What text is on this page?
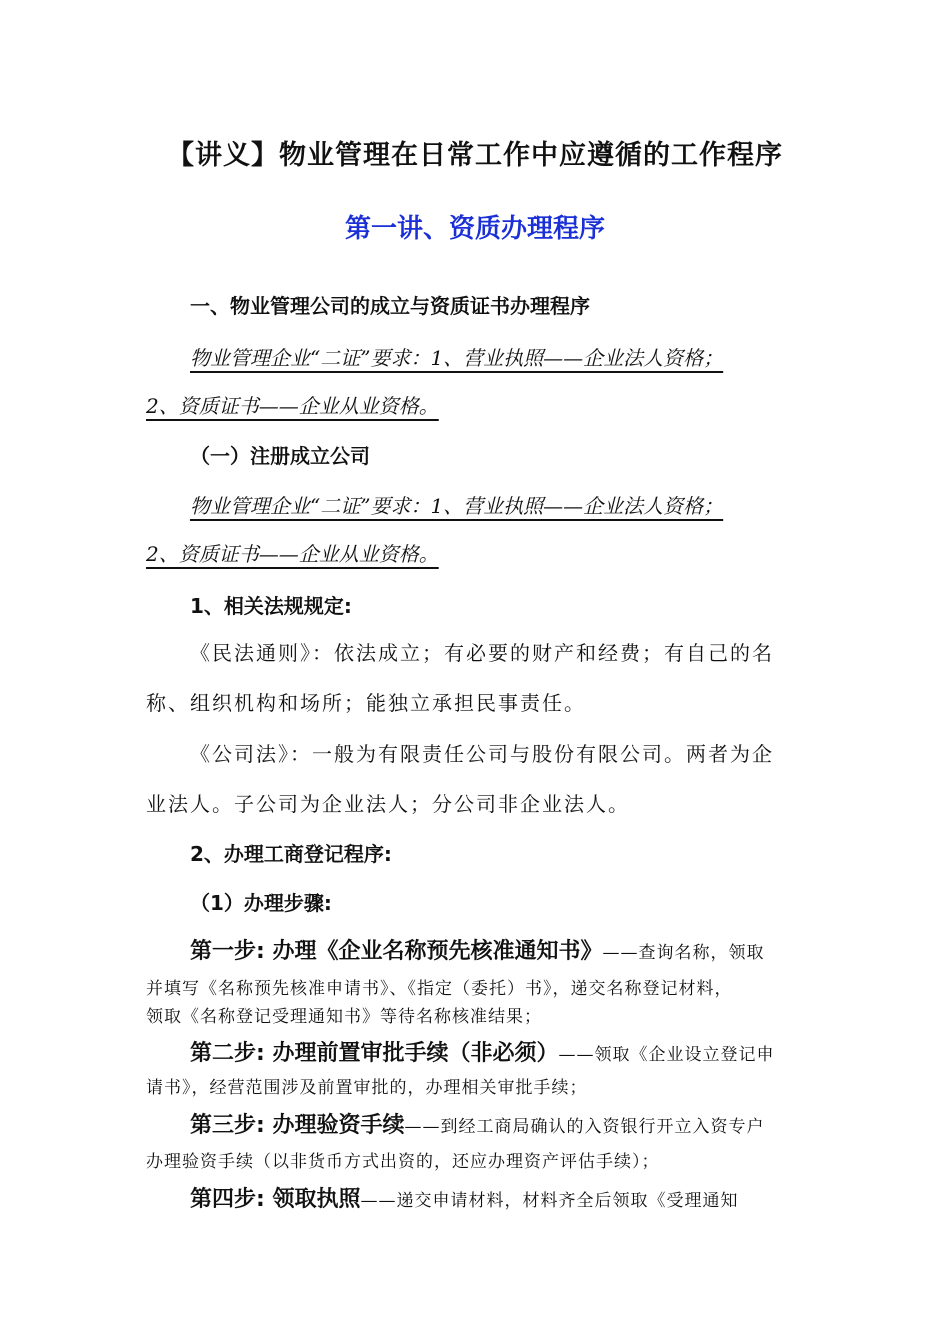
【讲义】物业管理在日常工作中应遵循的工作程序
第一讲、资质办理程序
一、物业管理公司的成立与资质证书办理程序
物业管理企业“二证”要求：1、营业执照——企业法人资格；
2、资质证书——企业从业资格。
（一）注册成立公司
物业管理企业“二证”要求：1、营业执照——企业法人资格；
2、资质证书——企业从业资格。
1、相关法规规定:
《民法通则》：依法成立；有必要的财产和经费；有自己的名
称、组织机构和场所；能独立承担民事责任。
《公司法》：一般为有限责任公司与股份有限公司。两者为企
业法人。子公司为企业法人；分公司非企业法人。
2、办理工商登记程序:
（1）办理步骤:
第一步: 办理《企业名称预先核准通知书》——查询名称，领取
并填写《名称预先核准申请书》、《指定（委托）书》，递交名称登记材料，
领取《名称登记受理通知书》等待名称核准结果；
第二步: 办理前置审批手续（非必须）——领取《企业设立登记申
请书》，经营范围涉及前置审批的，办理相关审批手续；
第三步: 办理验资手续——到经工商局确认的入资银行开立入资专户
办理验资手续（以非货币方式出资的，还应办理资产评估手续）；
第四步: 领取执照——递交申请材料，材料齐全后领取《受理通知
